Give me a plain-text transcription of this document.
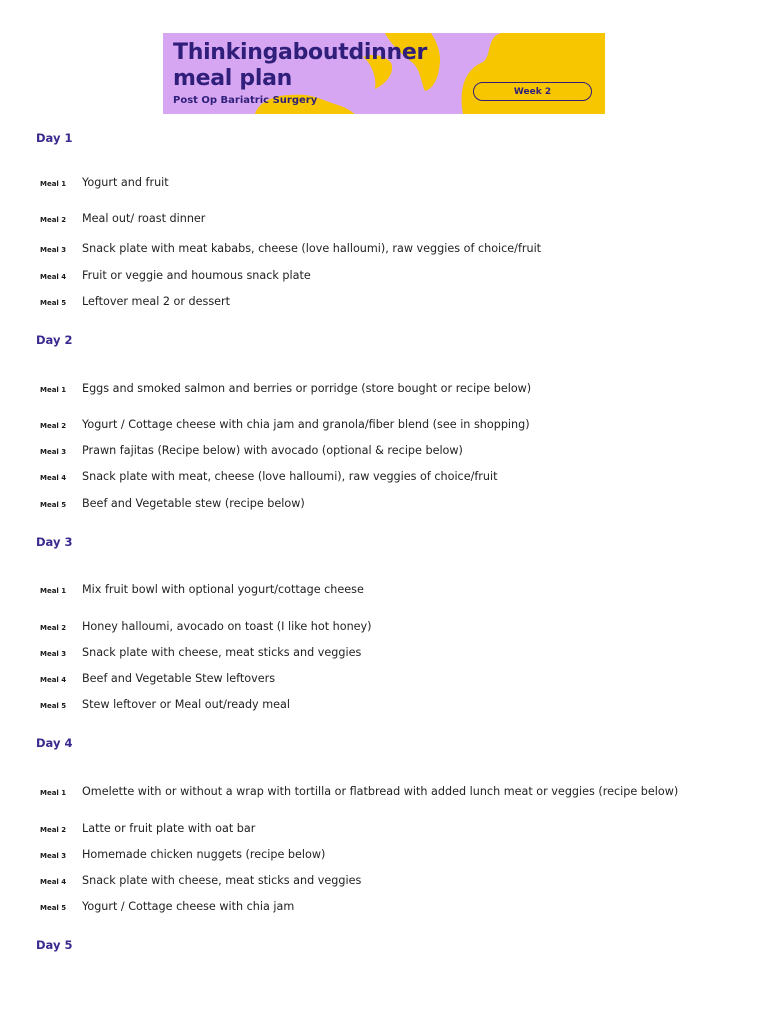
Thinkingaboutdinner
meal plan
Post Op Bariatric Surgery
Week 2
Day 1
Meal 1 Yogurt and fruit
Meal 2 Meal out/ roast dinner
Meal 3 Snack plate with meat kababs, cheese (love halloumi), raw veggies of choice/fruit
Meal 4 Fruit or veggie and houmous snack plate
Meal 5 Leftover meal 2 or dessert
Day 2
Meal 1 Eggs and smoked salmon and berries or porridge (store bought or recipe below)
Meal 2 Yogurt / Cottage cheese with chia jam and granola/fiber blend (see in shopping)
Meal 3 Prawn fajitas (Recipe below) with avocado (optional & recipe below)
Meal 4 Snack plate with meat, cheese (love halloumi), raw veggies of choice/fruit
Meal 5 Beef and Vegetable stew (recipe below)
Day 3
Meal 1 Mix fruit bowl with optional yogurt/cottage cheese
Meal 2 Honey halloumi, avocado on toast (I like hot honey)
Meal 3 Snack plate with cheese, meat sticks and veggies
Meal 4 Beef and Vegetable Stew leftovers
Meal 5 Stew leftover or Meal out/ready meal
Day 4
Meal 1 Omelette with or without a wrap with tortilla or flatbread with added lunch meat or veggies (recipe below)
Meal 2 Latte or fruit plate with oat bar
Meal 3 Homemade chicken nuggets (recipe below)
Meal 4 Snack plate with cheese, meat sticks and veggies
Meal 5 Yogurt / Cottage cheese with chia jam
Day 5
